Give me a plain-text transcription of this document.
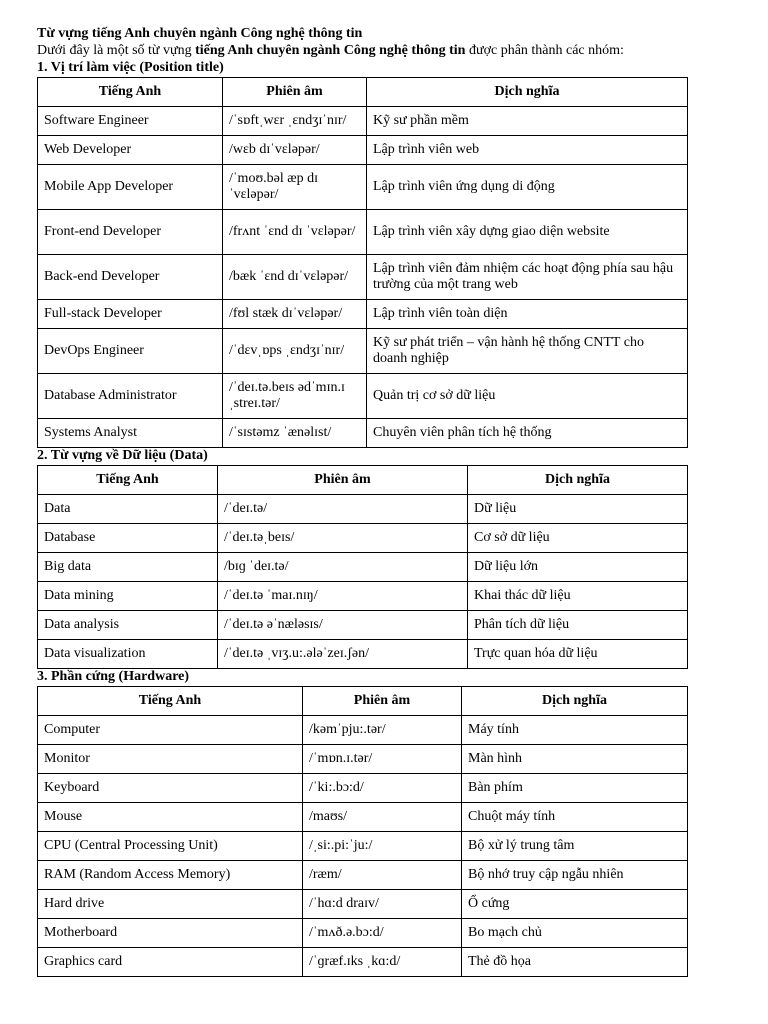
Từ vựng tiếng Anh chuyên ngành Công nghệ thông tin
Dưới đây là một số từ vựng tiếng Anh chuyên ngành Công nghệ thông tin được phân thành các nhóm:
1. Vị trí làm việc (Position title)
Tiếng Anh	Phiên âm	Dịch nghĩa
Software Engineer	/ˈsɒftˌwɛr ˌɛndʒɪˈnɪr/	Kỹ sư phần mềm
Web Developer	/wɛb dɪˈvɛləpər/	Lập trình viên web
Mobile App Developer	/ˈmoʊ.bəl æp dɪ ˈvɛləpər/	Lập trình viên ứng dụng di động
Front-end Developer	/frʌnt ˈɛnd dɪ ˈvɛləpər/	Lập trình viên xây dựng giao diện website
Back-end Developer	/bæk ˈɛnd dɪˈvɛləpər/	Lập trình viên đảm nhiệm các hoạt động phía sau hậu trường của một trang web
Full-stack Developer	/fʊl stæk dɪˈvɛləpər/	Lập trình viên toàn diện
DevOps Engineer	/ˈdɛvˌɒps ˌɛndʒɪˈnɪr/	Kỹ sư phát triển – vận hành hệ thống CNTT cho doanh nghiệp
Database Administrator	/ˈdeɪ.tə.beɪs ədˈmɪn.ɪ ˌstreɪ.tər/	Quản trị cơ sở dữ liệu
Systems Analyst	/ˈsɪstəmz ˈænəlɪst/	Chuyên viên phân tích hệ thống
2. Từ vựng về Dữ liệu (Data)
Tiếng Anh	Phiên âm	Dịch nghĩa
Data	/ˈdeɪ.tə/	Dữ liệu
Database	/ˈdeɪ.təˌbeɪs/	Cơ sở dữ liệu
Big data	/bɪɡ ˈdeɪ.tə/	Dữ liệu lớn
Data mining	/ˈdeɪ.tə ˈmaɪ.nɪŋ/	Khai thác dữ liệu
Data analysis	/ˈdeɪ.tə əˈnæləsɪs/	Phân tích dữ liệu
Data visualization	/ˈdeɪ.tə ˌvɪʒ.u:.ələˈzeɪ.ʃən/	Trực quan hóa dữ liệu
3. Phần cứng (Hardware)
Tiếng Anh	Phiên âm	Dịch nghĩa
Computer	/kəmˈpju:.tər/	Máy tính
Monitor	/ˈmɒn.ɪ.tər/	Màn hình
Keyboard	/ˈki:.bɔ:d/	Bàn phím
Mouse	/maʊs/	Chuột máy tính
CPU (Central Processing Unit)	/ˌsi:.pi:ˈju:/	Bộ xử lý trung tâm
RAM (Random Access Memory)	/ræm/	Bộ nhớ truy cập ngẫu nhiên
Hard drive	/ˈhɑ:d draɪv/	Ổ cứng
Motherboard	/ˈmʌð.ə.bɔ:d/	Bo mạch chủ
Graphics card	/ˈɡræf.ɪks ˌkɑ:d/	Thẻ đồ họa
